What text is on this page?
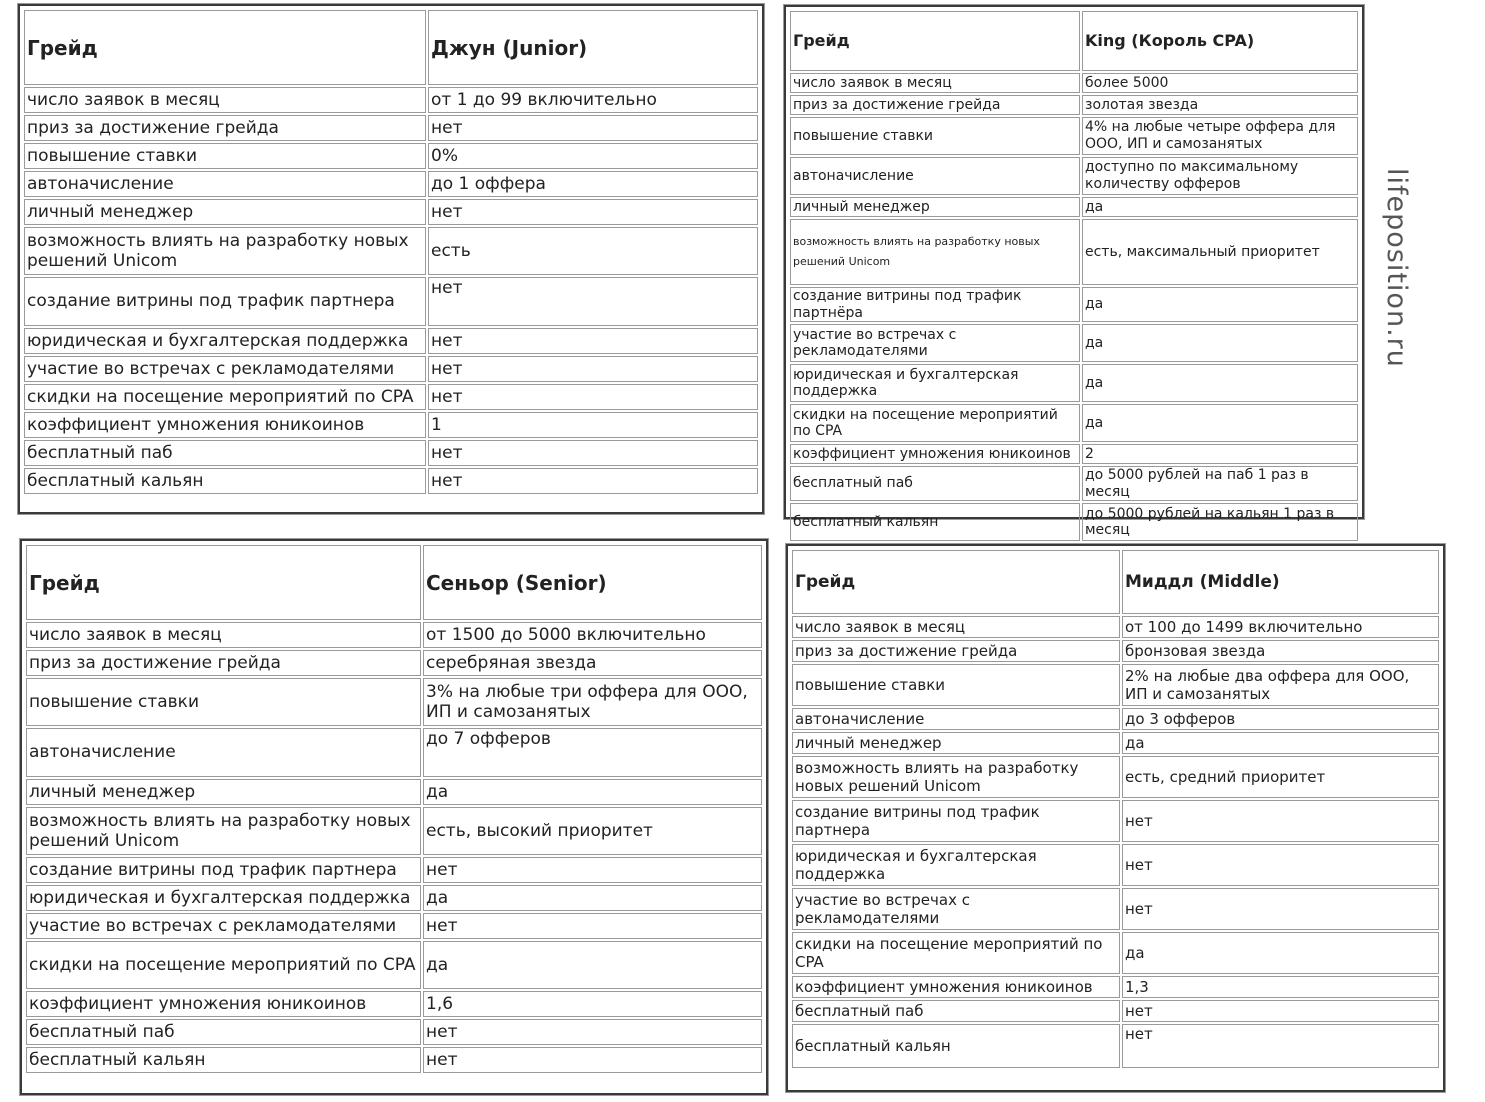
Грейд	Джун (Junior)
число заявок в месяц	от 1 до 99 включительно
приз за достижение грейда	нет
повышение ставки	0%
автоначисление	до 1 оффера
личный менеджер	нет
возможность влиять на разработку новых решений Unicom	есть
создание витрины под трафик партнера	нет
юридическая и бухгалтерская поддержка	нет
участие во встречах с рекламодателями	нет
скидки на посещение мероприятий по CPA	нет
коэффициент умножения юникоинов	1
бесплатный паб	нет
бесплатный кальян	нет
Грейд	King (Король CPA)
число заявок в месяц	более 5000
приз за достижение грейда	золотая звезда
повышение ставки	4% на любые четыре оффера для ООО, ИП и самозанятых
автоначисление	доступно по максимальному количеству офферов
личный менеджер	да
возможность влиять на разработку новых решений Unicom	есть, максимальный приоритет
создание витрины под трафик партнёра	да
участие во встречах с рекламодателями	да
юридическая и бухгалтерская поддержка	да
скидки на посещение мероприятий по CPA	да
коэффициент умножения юникоинов	2
бесплатный паб	до 5000 рублей на паб 1 раз в месяц
бесплатный кальян	до 5000 рублей на кальян 1 раз в месяц
lifeposition.ru
Грейд	Сеньор (Senior)
число заявок в месяц	от 1500 до 5000 включительно
приз за достижение грейда	серебряная звезда
повышение ставки	3% на любые три оффера для ООО, ИП и самозанятых
автоначисление	до 7 офферов
личный менеджер	да
возможность влиять на разработку новых решений Unicom	есть, высокий приоритет
создание витрины под трафик партнера	нет
юридическая и бухгалтерская поддержка	да
участие во встречах с рекламодателями	нет
скидки на посещение мероприятий по CPA	да
коэффициент умножения юникоинов	1,6
бесплатный паб	нет
бесплатный кальян	нет
Грейд	Миддл (Middle)
число заявок в месяц	от 100 до 1499 включительно
приз за достижение грейда	бронзовая звезда
повышение ставки	2% на любые два оффера для ООО, ИП и самозанятых
автоначисление	до 3 офферов
личный менеджер	да
возможность влиять на разработку новых решений Unicom	есть, средний приоритет
создание витрины под трафик партнера	нет
юридическая и бухгалтерская поддержка	нет
участие во встречах с рекламодателями	нет
скидки на посещение мероприятий по CPA	да
коэффициент умножения юникоинов	1,3
бесплатный паб	нет
бесплатный кальян	нет
